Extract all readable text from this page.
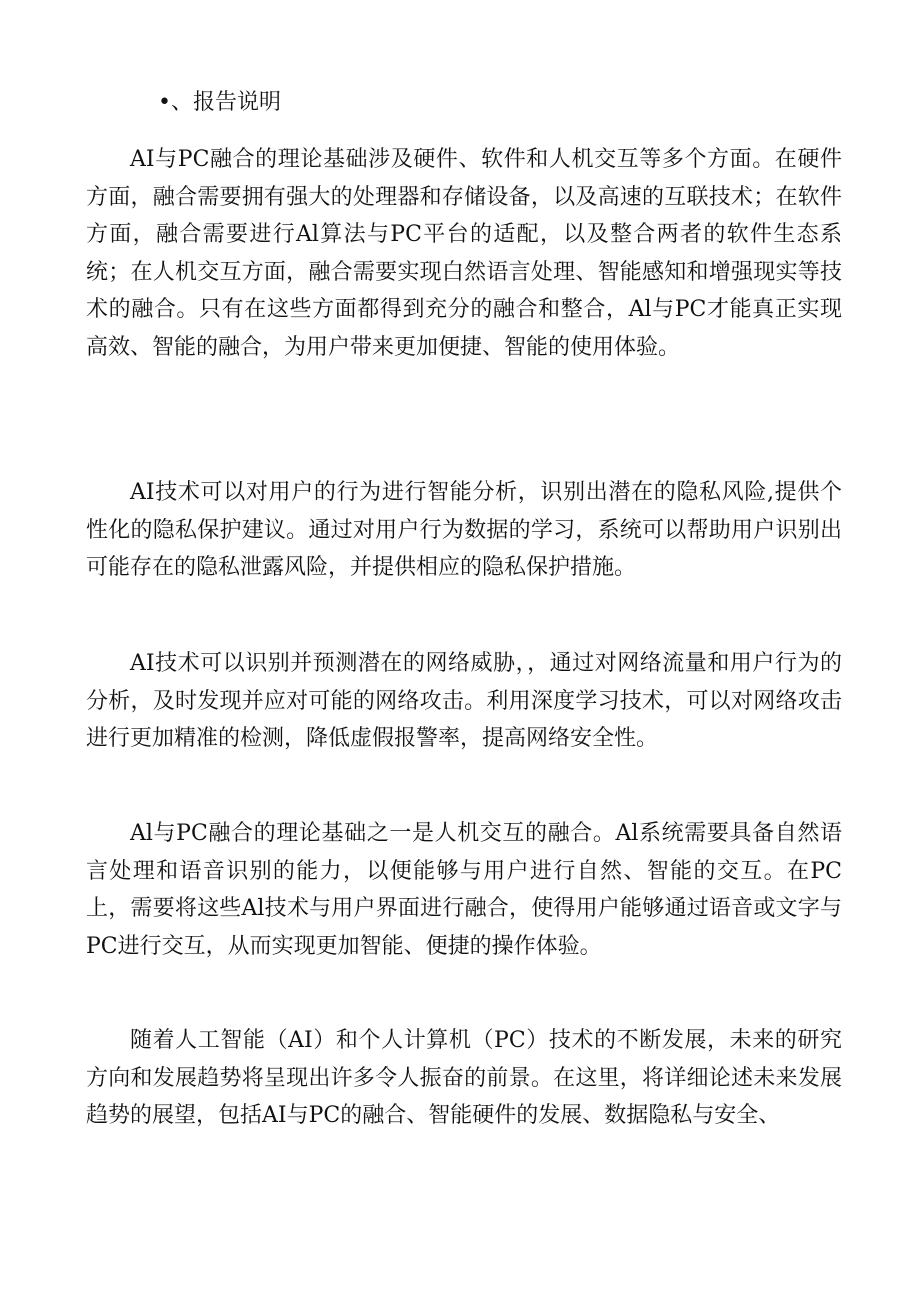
•、报告说明

AI与PC融合的理论基础涉及硬件、软件和人机交互等多个方面。在硬件方面，融合需要拥有强大的处理器和存储设备，以及高速的互联技术；在软件方面，融合需要进行Al算法与PC平台的适配，以及整合两者的软件生态系统；在人机交互方面，融合需要实现白然语言处理、智能感知和增强现实等技术的融合。只有在这些方面都得到充分的融合和整合，Al与PC才能真正实现高效、智能的融合，为用户带来更加便捷、智能的使用体验。

AI技术可以对用户的行为进行智能分析，识别出潜在的隐私风险,提供个性化的隐私保护建议。通过对用户行为数据的学习，系统可以帮助用户识别出可能存在的隐私泄露风险，并提供相应的隐私保护措施。

AI技术可以识别并预测潜在的网络威胁，，通过对网络流量和用户行为的分析，及时发现并应对可能的网络攻击。利用深度学习技术，可以对网络攻击进行更加精准的检测，降低虚假报警率，提高网络安全性。

Al与PC融合的理论基础之一是人机交互的融合。Al系统需要具备自然语言处理和语音识别的能力，以便能够与用户进行自然、智能的交互。在PC上，需要将这些Al技术与用户界面进行融合，使得用户能够通过语音或文字与PC进行交互，从而实现更加智能、便捷的操作体验。

随着人工智能（AI）和个人计算机（PC）技术的不断发展，未来的研究方向和发展趋势将呈现出许多令人振奋的前景。在这里，将详细论述未来发展趋势的展望，包括AI与PC的融合、智能硬件的发展、数据隐私与安全、
